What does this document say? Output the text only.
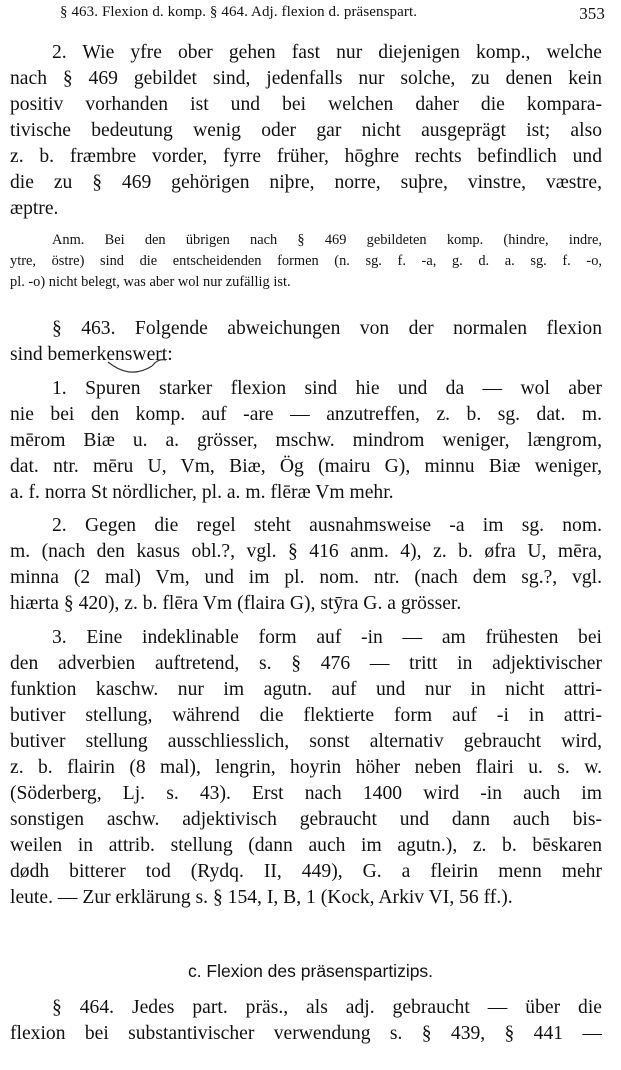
§ 463. Flexion d. komp. § 464. Adj. flexion d. präsenspart.	353
2. Wie yfre ober gehen fast nur diejenigen komp., welche
nach § 469 gebildet sind, jedenfalls nur solche, zu denen kein
positiv vorhanden ist und bei welchen daher die kompara-
tivische bedeutung wenig oder gar nicht ausgeprägt ist; also
z. b. fræmbre vorder, fyrre früher, hōghre rechts befindlich und
die zu § 469 gehörigen niþre, norre, suþre, vinstre, væstre,
æptre.
Anm. Bei den übrigen nach § 469 gebildeten komp. (hindre, indre,
ytre, östre) sind die entscheidenden formen (n. sg. f. -a, g. d. a. sg. f. -o,
pl. -o) nicht belegt, was aber wol nur zufällig ist.
§ 463. Folgende abweichungen von der normalen flexion
sind bemerkenswert:
1. Spuren starker flexion sind hie und da — wol aber
nie bei den komp. auf -are — anzutreffen, z. b. sg. dat. m.
mērom Biæ u. a. grösser, mschw. mindrom weniger, længrom,
dat. ntr. mēru U, Vm, Biæ, Ög (mairu G), minnu Biæ weniger,
a. f. norra St nördlicher, pl. a. m. flēræ Vm mehr.
2. Gegen die regel steht ausnahmsweise -a im sg. nom.
m. (nach den kasus obl.?, vgl. § 416 anm. 4), z. b. øfra U, mēra,
minna (2 mal) Vm, und im pl. nom. ntr. (nach dem sg.?, vgl.
hiærta § 420), z. b. flēra Vm (flaira G), stȳra G. a grösser.
3. Eine indeklinable form auf -in — am frühesten bei
den adverbien auftretend, s. § 476 — tritt in adjektivischer
funktion kaschw. nur im agutn. auf und nur in nicht attri-
butiver stellung, während die flektierte form auf -i in attri-
butiver stellung ausschliesslich, sonst alternativ gebraucht wird,
z. b. flairin (8 mal), lengrin, hoyrin höher neben flairi u. s. w.
(Söderberg, Lj. s. 43). Erst nach 1400 wird -in auch im
sonstigen aschw. adjektivisch gebraucht und dann auch bis-
weilen in attrib. stellung (dann auch im agutn.), z. b. bēskaren
dødh bitterer tod (Rydq. II, 449), G. a fleirin menn mehr
leute. — Zur erklärung s. § 154, I, B, 1 (Kock, Arkiv VI, 56 ff.).
c. Flexion des präsenspartizips.
§ 464. Jedes part. präs., als adj. gebraucht — über die
flexion bei substantivischer verwendung s. § 439, § 441 —
